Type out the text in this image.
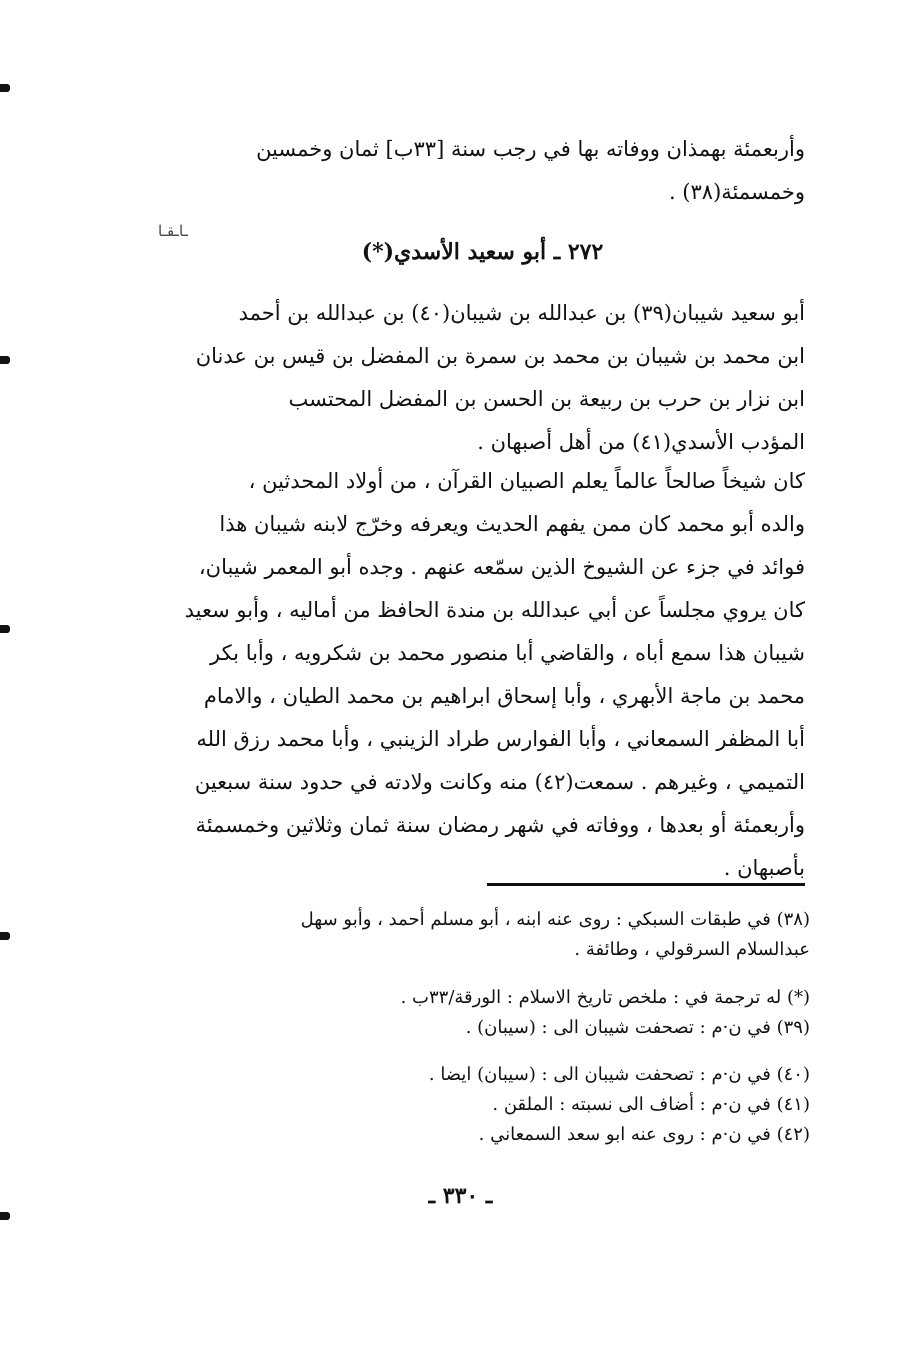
وأربعمئة بهمذان ووفاته بها في رجب سنة [٣٣ب] ثمان وخمسين
وخمسمئة(٣٨) .
ـاـقـا
٢٧٢ ـ أبو سعيد الأسدي(*)
أبو سعيد شيبان(٣٩) بن عبدالله بن شيبان(٤٠) بن عبدالله بن أحمد
ابن محمد بن شيبان بن محمد بن سمرة بن المفضل بن قيس بن عدنان
ابن نزار بن حرب بن ربيعة بن الحسن بن المفضل المحتسب
المؤدب الأسدي(٤١) من أهل أصبهان .
كان شيخاً صالحاً عالماً يعلم الصبيان القرآن ، من أولاد المحدثين ،
والده أبو محمد كان ممن يفهم الحديث ويعرفه وخرّج لابنه شيبان هذا
فوائد في جزء عن الشيوخ الذين سمّعه عنهم . وجده أبو المعمر شيبان،
كان يروي مجلساً عن أبي عبدالله بن مندة الحافظ من أماليه ، وأبو سعيد
شيبان هذا سمع أباه ، والقاضي أبا منصور محمد بن شكرويه ، وأبا بكر
محمد بن ماجة الأبهري ، وأبا إسحاق ابراهيم بن محمد الطيان ، والامام
أبا المظفر السمعاني ، وأبا الفوارس طراد الزينبي ، وأبا محمد رزق الله
التميمي ، وغيرهم . سمعت(٤٢) منه وكانت ولادته في حدود سنة سبعين
وأربعمئة أو بعدها ، ووفاته في شهر رمضان سنة ثمان وثلاثين وخمسمئة
بأصبهان .
(٣٨) في طبقات السبكي : روى عنه ابنه ، أبو مسلم أحمد ، وأبو سهل
عبدالسلام السرقولي ، وطائفة .
(*) له ترجمة في : ملخص تاريخ الاسلام : الورقة/٣٣ب .
(٣٩) في ن·م : تصحفت شيبان الى : (سيبان) .
(٤٠) في ن·م : تصحفت شيبان الى : (سيبان) ايضا .
(٤١) في ن·م : أضاف الى نسبته : الملقن .
(٤٢) في ن·م : روى عنه ابو سعد السمعاني .
ـ ٣٣٠ ـ
